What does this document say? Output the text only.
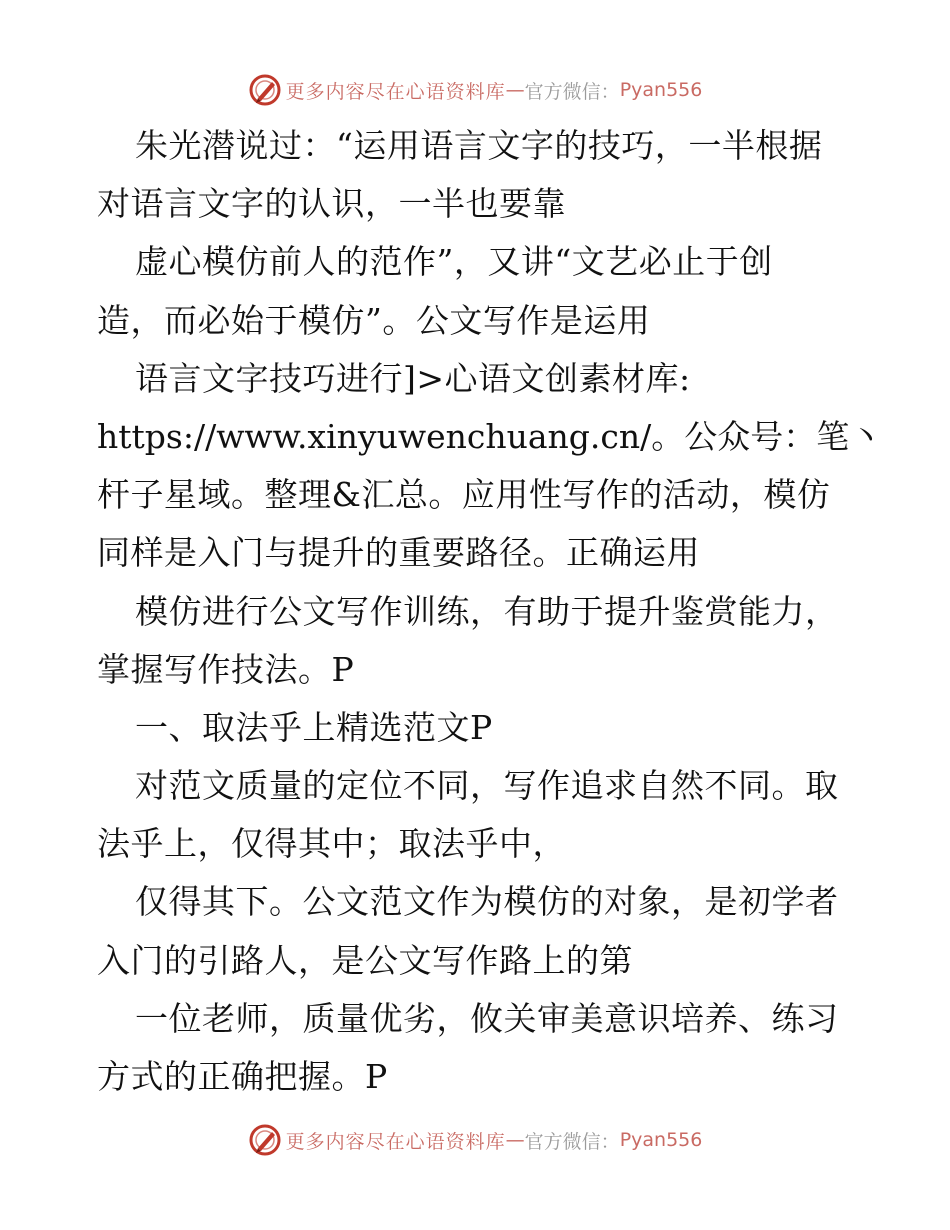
更多内容尽在心语资料库 — 官方微信： Pyan556
朱光潜说过：“运用语言文字的技巧，一半根据
对语言文字的认识，一半也要靠
虚心模仿前人的范作”，又讲“文艺必止于创
造，而必始于模仿”。公文写作是运用
语言文字技巧进行]>心语文创素材库:
https://www.xinyuwenchuang.cn/。公众号：笔丶
杆子星域。整理&汇总。应用性写作的活动，模仿
同样是入门与提升的重要路径。正确运用
模仿进行公文写作训练，有助于提升鉴赏能力，
掌握写作技法。P
一、取法乎上精选范文P
对范文质量的定位不同，写作追求自然不同。取
法乎上，仅得其中；取法乎中，
仅得其下。公文范文作为模仿的对象，是初学者
入门的引路人，是公文写作路上的第
一位老师，质量优劣，攸关审美意识培养、练习
方式的正确把握。P
更多内容尽在心语资料库 — 官方微信： Pyan556
